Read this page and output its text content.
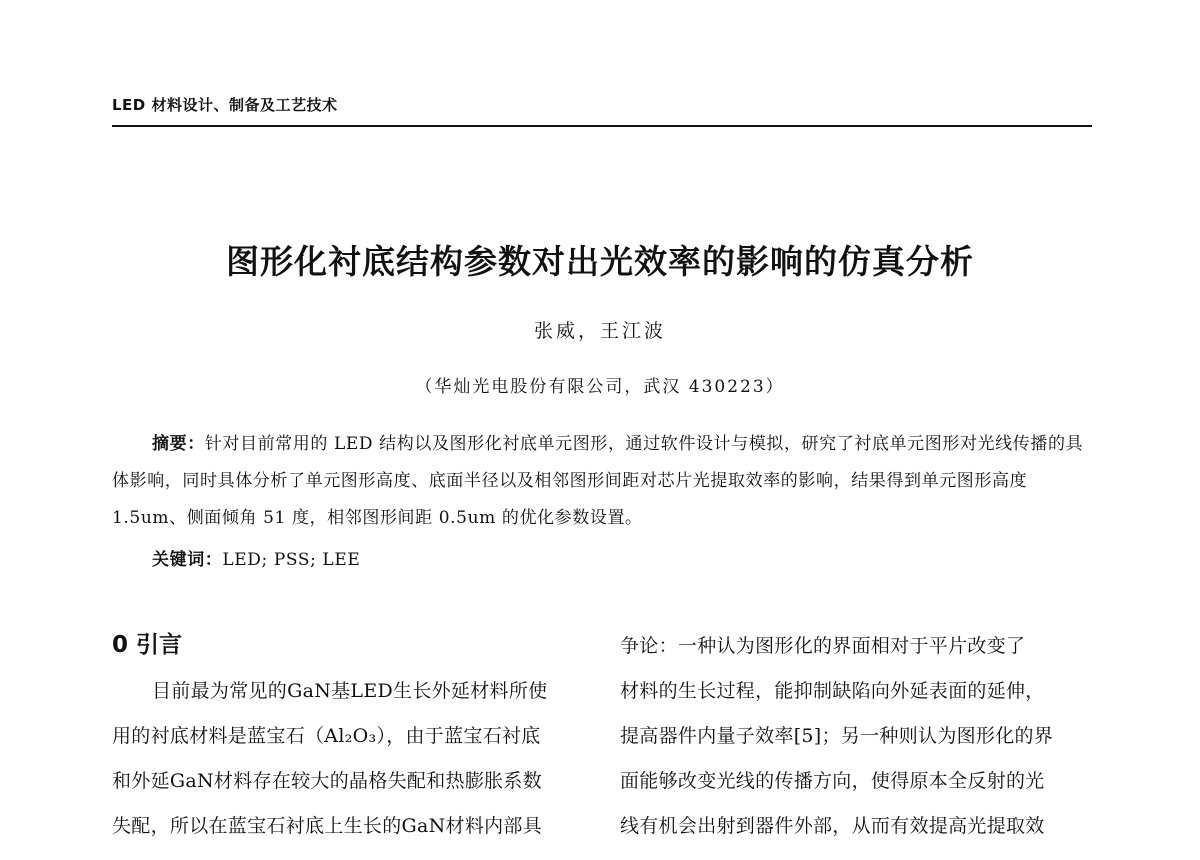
LED 材料设计、制备及工艺技术
图形化衬底结构参数对出光效率的影响的仿真分析
张威，王江波
（华灿光电股份有限公司，武汉 430223）
摘要：针对目前常用的 LED 结构以及图形化衬底单元图形，通过软件设计与模拟，研究了衬底单元图形对光线传播的具体影响，同时具体分析了单元图形高度、底面半径以及相邻图形间距对芯片光提取效率的影响，结果得到单元图形高度 1.5um、侧面倾角 51 度，相邻图形间距 0.5um 的优化参数设置。
关键词：LED; PSS; LEE
0 引言
目前最为常见的GaN基LED生长外延材料所使
用的衬底材料是蓝宝石（Al₂O₃），由于蓝宝石衬底
和外延GaN材料存在较大的晶格失配和热膨胀系数
失配，所以在蓝宝石衬底上生长的GaN材料内部具
争论：一种认为图形化的界面相对于平片改变了
材料的生长过程，能抑制缺陷向外延表面的延伸，
提高器件内量子效率[5]；另一种则认为图形化的界
面能够改变光线的传播方向，使得原本全反射的光
线有机会出射到器件外部，从而有效提高光提取效
